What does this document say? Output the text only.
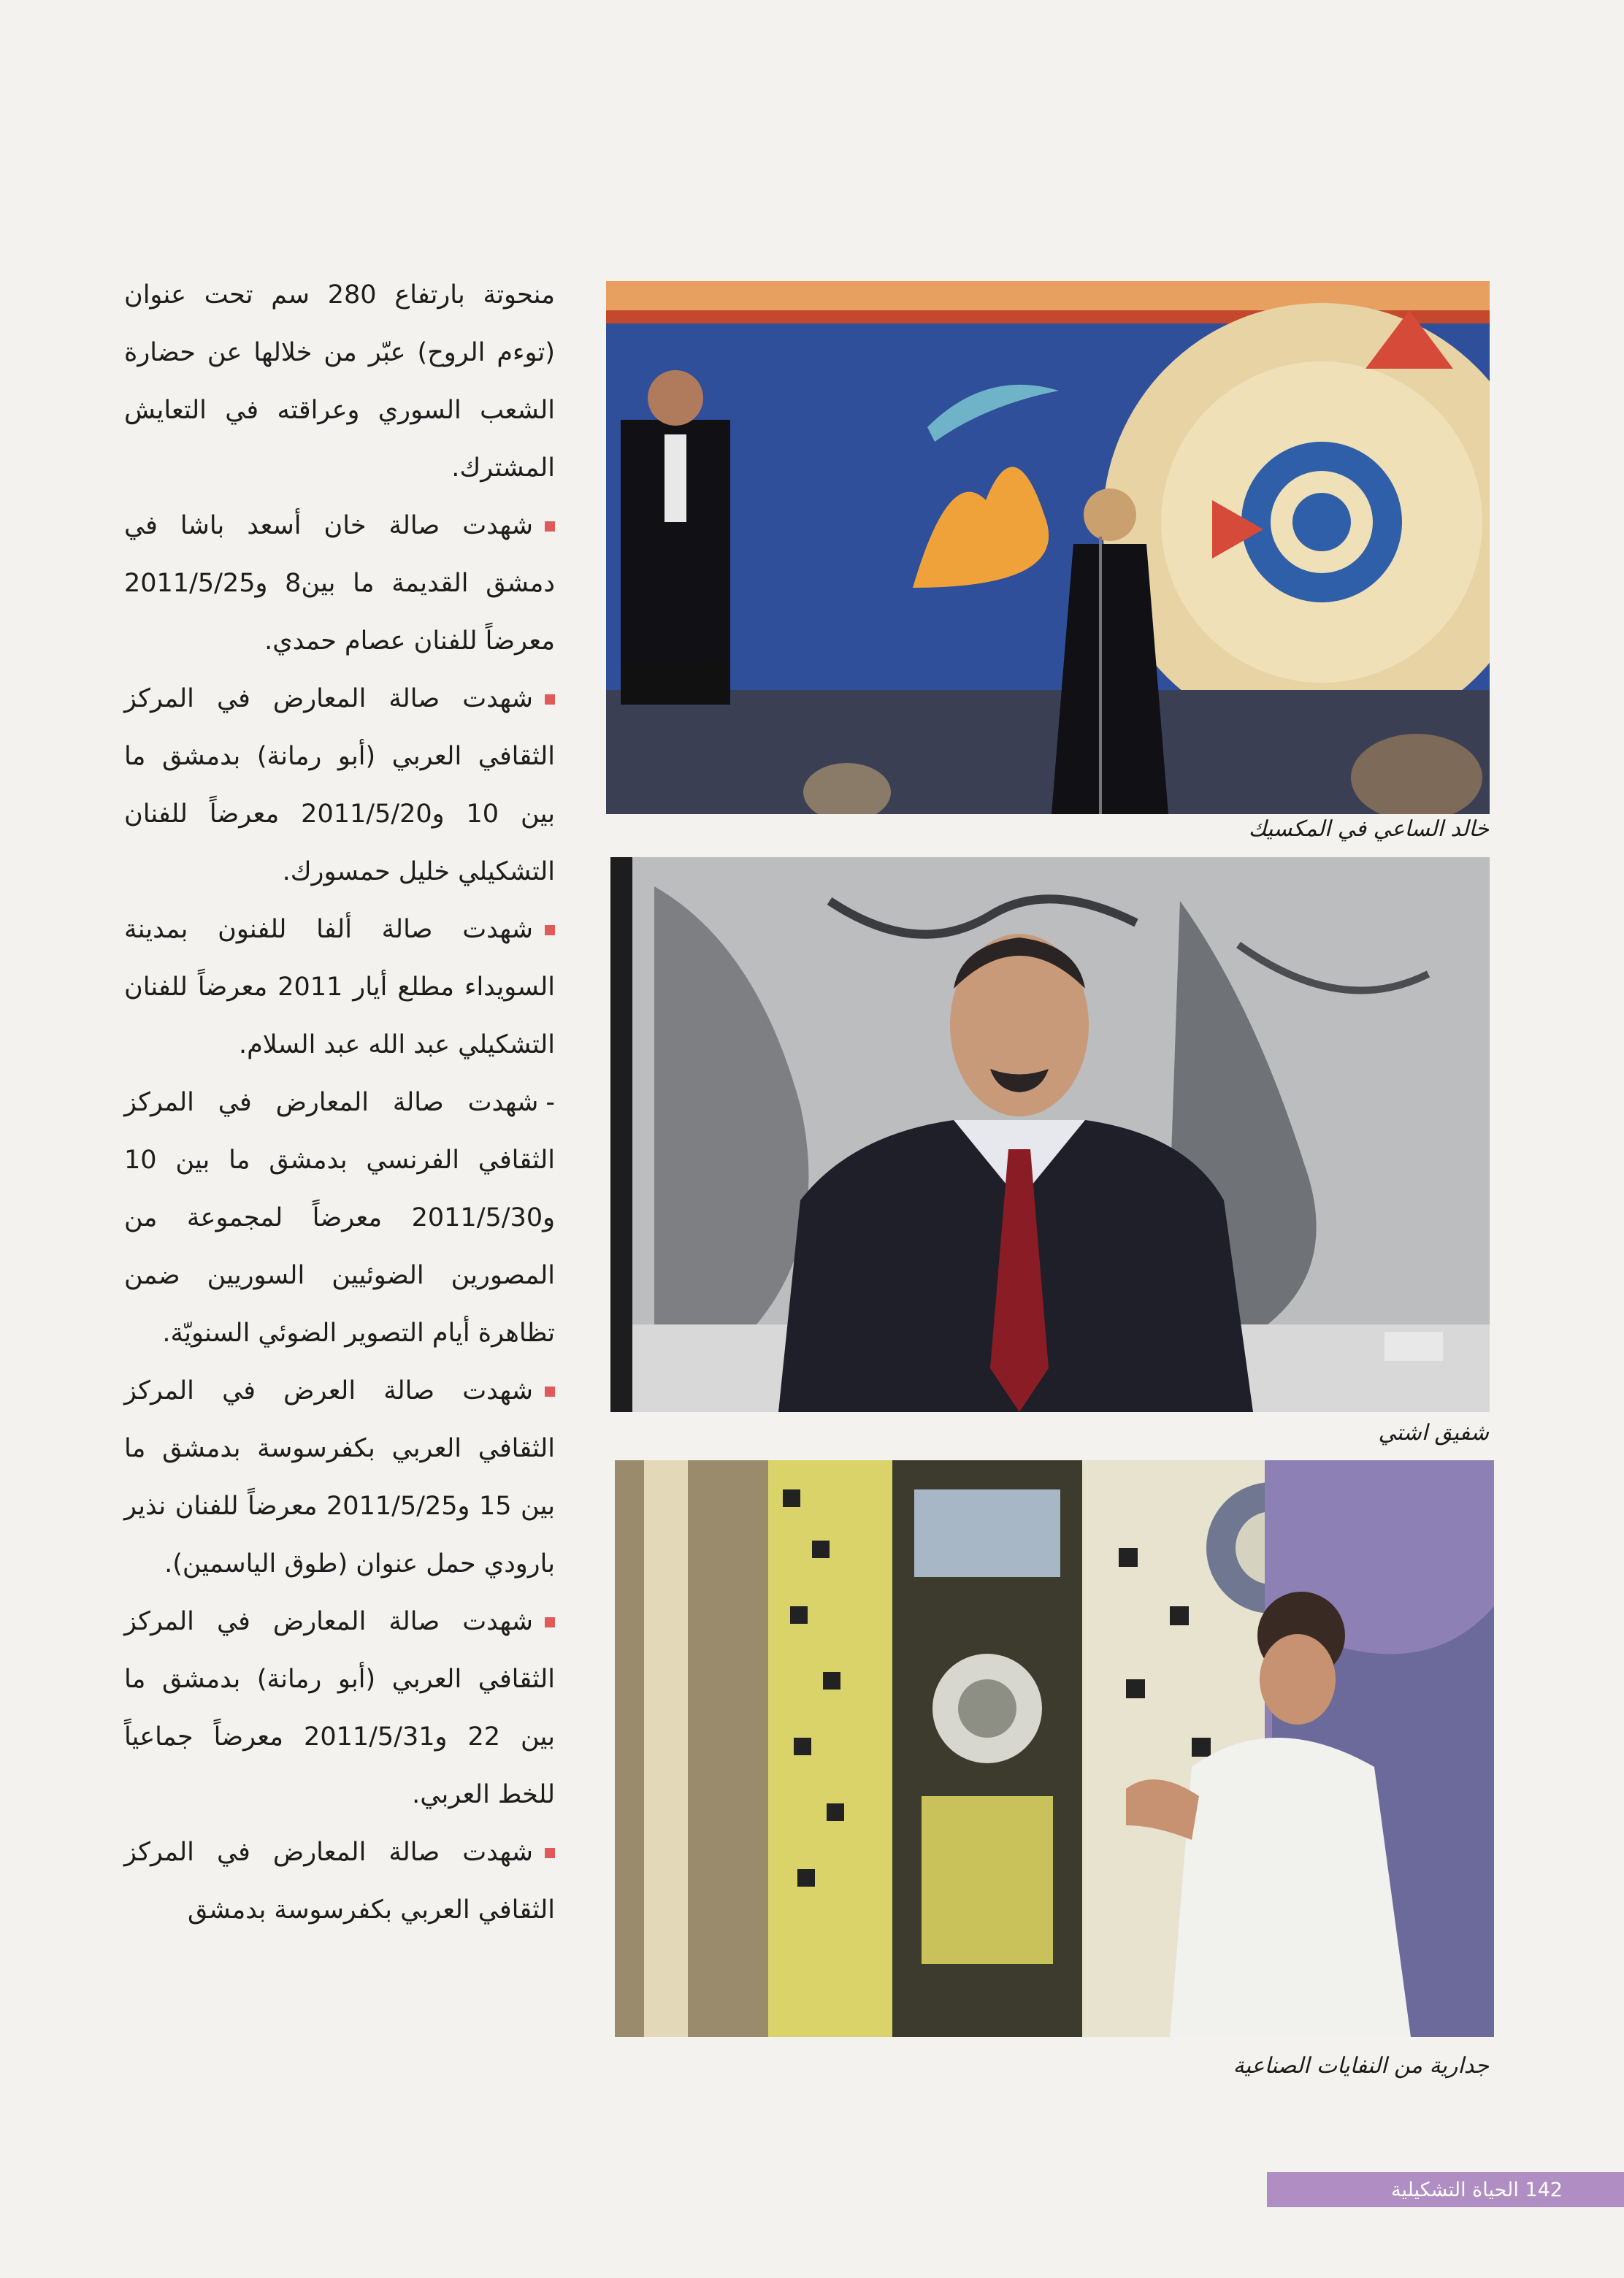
منحوتة بارتفاع 280 سم تحت عنوان (توءم الروح) عبّر من خلالها عن حضارة الشعب السوري وعراقته في التعايش المشترك.

شهدت صالة خان أسعد باشا في دمشق القديمة ما بين8 و2011/5/25 معرضاً للفنان عصام حمدي.

شهدت صالة المعارض في المركز الثقافي العربي (أبو رمانة) بدمشق ما بين 10 و2011/5/20 معرضاً للفنان التشكيلي خليل حمسورك.

شهدت صالة ألفا للفنون بمدينة السويداء مطلع أيار 2011 معرضاً للفنان التشكيلي عبد الله عبد السلام.

-شهدت صالة المعارض في المركز الثقافي الفرنسي بدمشق ما بين 10 و2011/5/30 معرضاً لمجموعة من المصورين الضوئيين السوريين ضمن تظاهرة أيام التصوير الضوئي السنويّة.

شهدت صالة العرض في المركز الثقافي العربي بكفرسوسة بدمشق ما بين 15 و2011/5/25 معرضاً للفنان نذير بارودي حمل عنوان (طوق الياسمين).

شهدت صالة المعارض في المركز الثقافي العربي (أبو رمانة) بدمشق ما بين 22 و2011/5/31 معرضاً جماعياً للخط العربي.

شهدت صالة المعارض في المركز الثقافي العربي بكفرسوسة بدمشق

خالد الساعي في المكسيك
شفيق اشتي
جدارية من النفايات الصناعية
142 الحياة التشكيلية
